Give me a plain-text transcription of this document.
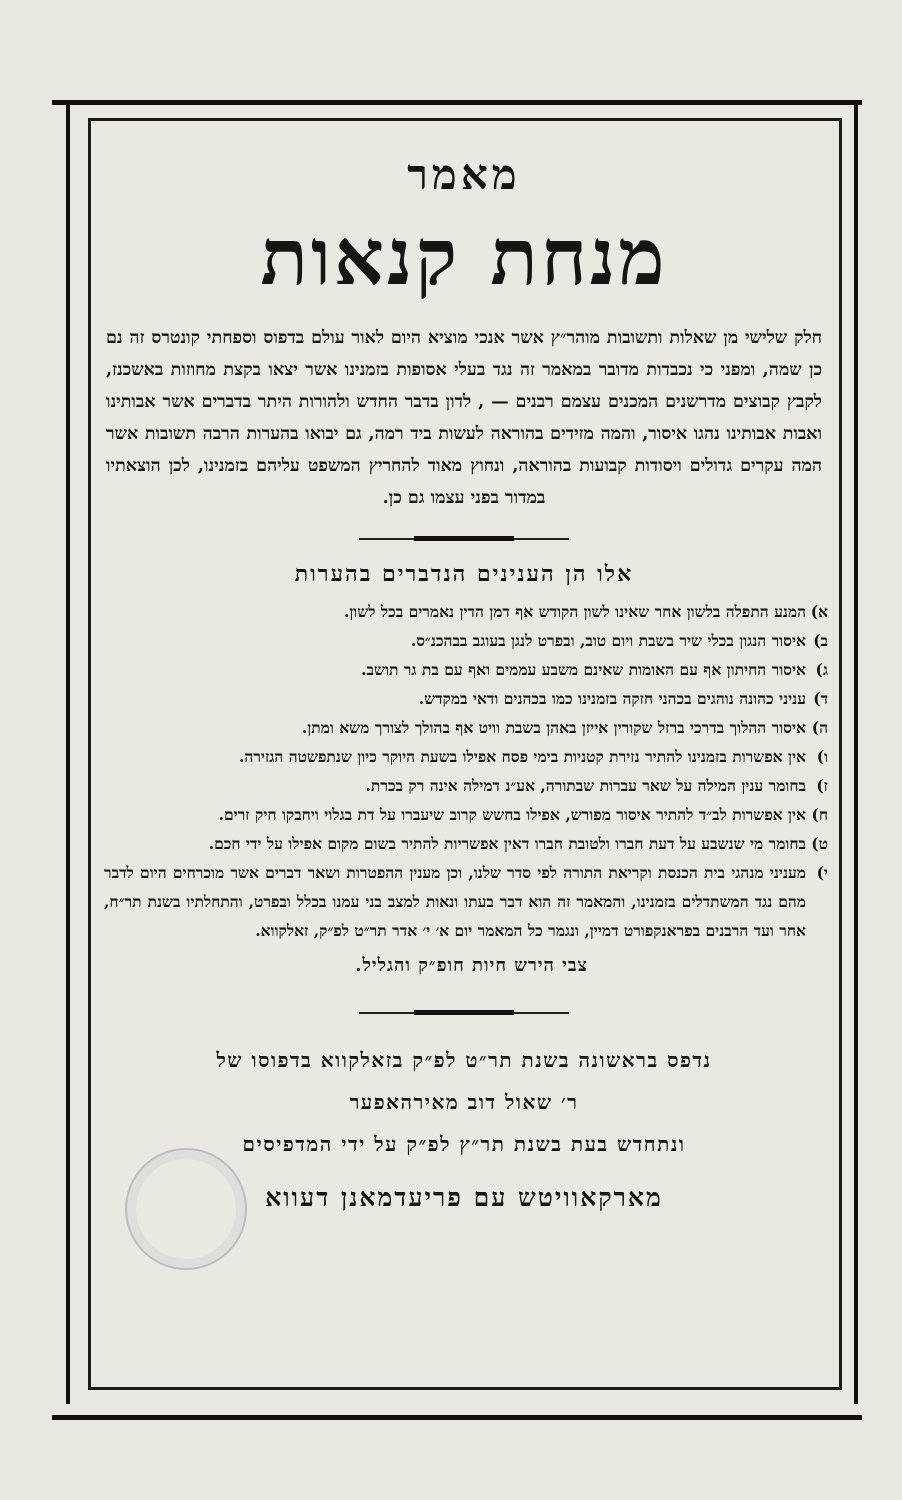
מאמר

מנחת קנאות

חלק שלישי מן שאלות ותשובות מוהר״ץ אשר אנכי מוציא היום לאור עולם בדפוס וספחתי קונטרס זה נם כן שמה, ומפני כי נכבדות מדובר במאמר זה נגד בעלי אסופות בזמנינו אשר יצאו בקצת מחוזות באשכנז, לקבץ קבוצים מדרשנים המכנים עצמם רבנים — , לדון בדבר החדש ולהורות היתר בדברים אשר אבותינו ואבות אבותינו נהגו איסור, והמה מזידים בהוראה לעשות ביד רמה, גם יבואו בהערות הרבה תשובות אשר המה עקרים גדולים ויסודות קבועות בהוראה, ונחוץ מאוד להחריץ המשפט עליהם בזמנינו, לכן הוצאתיו במדור בפני עצמו גם כן.

אלו הן הענינים הנדברים בהערות

א)
המנע התפלה בלשון אחר שאינו לשון הקודש אף דמן הדין נאמרים בכל לשון.
ב)
איסור הנגון בכלי שיר בשבת ויום טוב, ובפרט לנגן בעוגב בבהכנ״ס.
ג)
איסור החיתון אף עם האומות שאינם משבע עממים ואף עם בת גר תושב.
ד)
עניני כהונה נוהגים בכהני חזקה בזמנינו כמו בכהנים ודאי במקדש.
ה)
איסור ההלוך בדרכי ברזל שקורין אייזן באהן בשבת וויט אף בהולך לצורך משא ומתן.
ו)
אין אפשרות בזמנינו להתיר נזירת קטניות בימי פסח אפילו בשעת היוקר כיון שנתפשטה הגזירה.
ז)
בחומר ענין המילה על שאר עברות שבתורה, אע״נ דמילה אינה רק בכרת.
ח)
אין אפשרות לב״ד להתיר איסור מפורש, אפילו בחשש קרוב שיעברו על דת בגלוי ויחבקו חיק זרים.
ט)
בחומר מי שנשבע על דעת חברו ולטובת חברו דאין אפשריות להתיר בשום מקום אפילו על ידי חכם.
י)
מעניני מנהגי בית הכנסת וקריאת התורה לפי סדר שלנו, וכן מענין ההפטרות ושאר דברים אשר מוכרחים היום לדבר מהם נגד המשתדלים בזמנינו, והמאמר זה הוא דבר בעתו ונאות למצב בני עמנו בכלל ובפרט, והתחלתיו בשנת תר״ח, אחר ועד הרבנים בפראנקפורט דמיין, ונגמר כל המאמר יום א׳ י׳ אדר תר״ט לפ״ק, זאלקווא.

צבי הירש חיות חופ״ק והגליל.

נדפס בראשונה בשנת תר״ט לפ״ק בזאלקווא בדפוסו של

ר׳ שאול דוב מאירהאפער

ונתחדש בעת בשנת תר״ץ לפ״ק על ידי המדפיסים

מארקאוויטש עם פריעדמאנן דעווא
